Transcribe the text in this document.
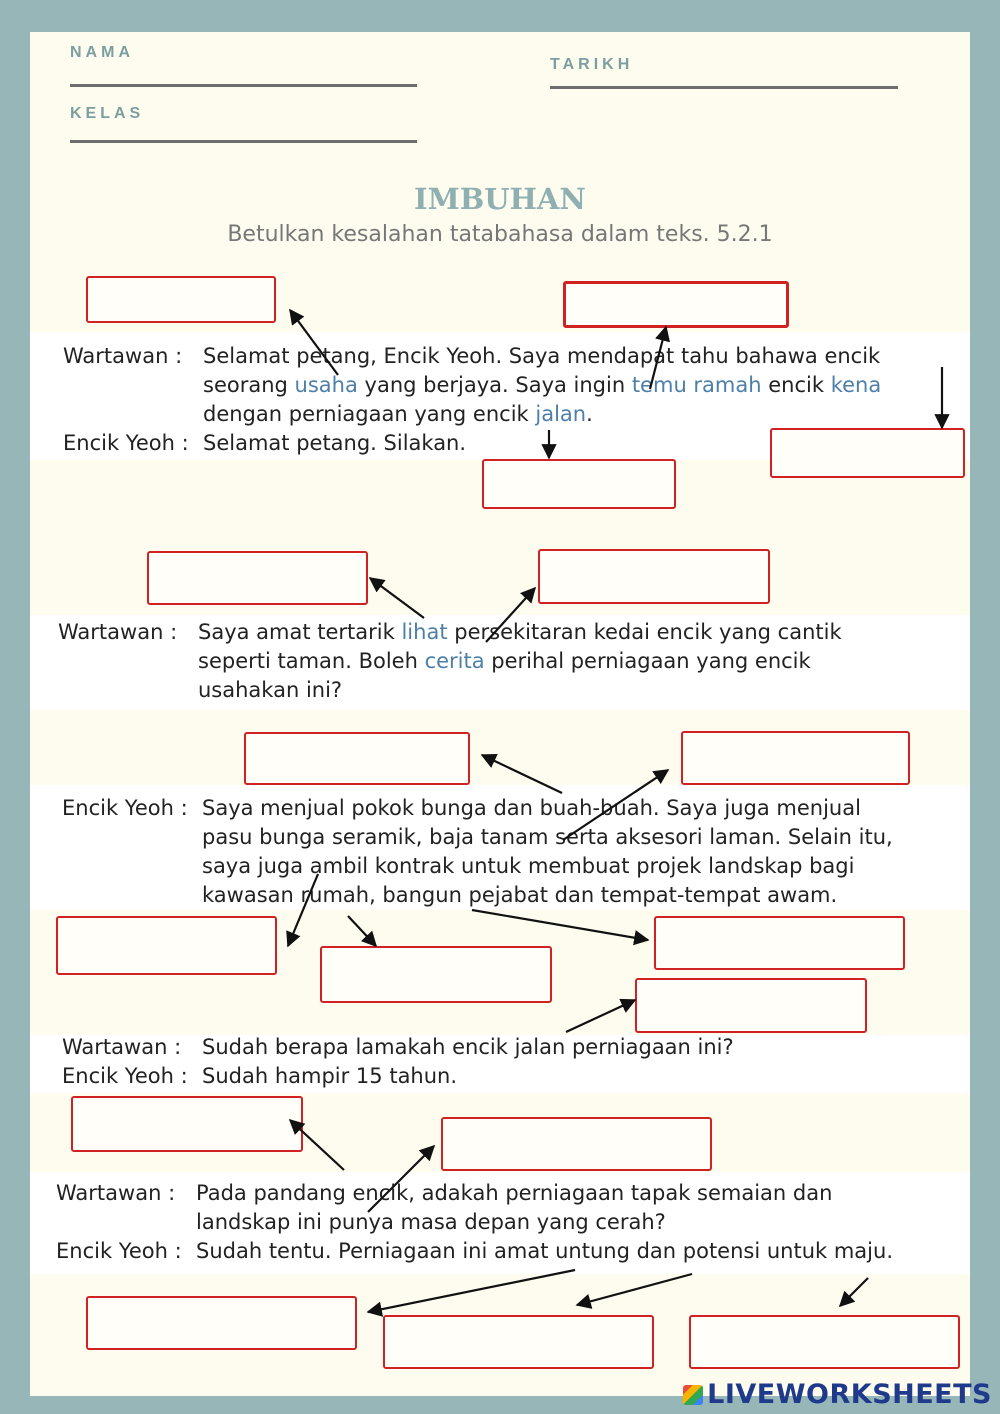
NAMA
TARIKH
KELAS
IMBUHAN
Betulkan kesalahan tatabahasa dalam teks. 5.2.1
Wartawan : Selamat petang, Encik Yeoh. Saya mendapat tahu bahawa encik
seorang usaha yang berjaya. Saya ingin temu ramah encik kena
dengan perniagaan yang encik jalan.
Encik Yeoh : Selamat petang. Silakan.
Wartawan : Saya amat tertarik lihat persekitaran kedai encik yang cantik
seperti taman. Boleh cerita perihal perniagaan yang encik
usahakan ini?
Encik Yeoh : Saya menjual pokok bunga dan buah-buah. Saya juga menjual
pasu bunga seramik, baja tanam serta aksesori laman. Selain itu,
saya juga ambil kontrak untuk membuat projek landskap bagi
kawasan rumah, bangun pejabat dan tempat-tempat awam.
Wartawan : Sudah berapa lamakah encik jalan perniagaan ini?
Encik Yeoh : Sudah hampir 15 tahun.
Wartawan : Pada pandang encik, adakah perniagaan tapak semaian dan
landskap ini punya masa depan yang cerah?
Encik Yeoh : Sudah tentu. Perniagaan ini amat untung dan potensi untuk maju.
LIVEWORKSHEETS
